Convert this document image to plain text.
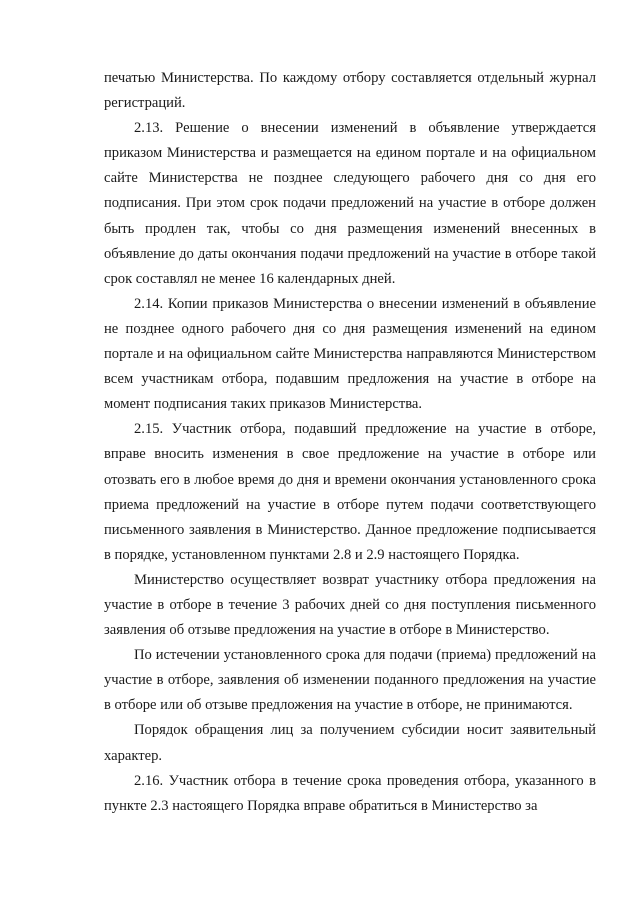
печатью Министерства. По каждому отбору составляется отдельный журнал регистраций.

2.13. Решение о внесении изменений в объявление утверждается приказом Министерства и размещается на едином портале и на официальном сайте Министерства не позднее следующего рабочего дня со дня его подписания. При этом срок подачи предложений на участие в отборе должен быть продлен так, чтобы со дня размещения изменений внесенных в объявление до даты окончания подачи предложений на участие в отборе такой срок составлял не менее 16 календарных дней.

2.14. Копии приказов Министерства о внесении изменений в объявление не позднее одного рабочего дня со дня размещения изменений на едином портале и на официальном сайте Министерства направляются Министерством всем участникам отбора, подавшим предложения на участие в отборе на момент подписания таких приказов Министерства.

2.15. Участник отбора, подавший предложение на участие в отборе, вправе вносить изменения в свое предложение на участие в отборе или отозвать его в любое время до дня и времени окончания установленного срока приема предложений на участие в отборе путем подачи соответствующего письменного заявления в Министерство. Данное предложение подписывается в порядке, установленном пунктами 2.8 и 2.9 настоящего Порядка.

Министерство осуществляет возврат участнику отбора предложения на участие в отборе в течение 3 рабочих дней со дня поступления письменного заявления об отзыве предложения на участие в отборе в Министерство.

По истечении установленного срока для подачи (приема) предложений на участие в отборе, заявления об изменении поданного предложения на участие в отборе или об отзыве предложения на участие в отборе, не принимаются.

Порядок обращения лиц за получением субсидии носит заявительный характер.

2.16. Участник отбора в течение срока проведения отбора, указанного в пункте 2.3 настоящего Порядка вправе обратиться в Министерство за
